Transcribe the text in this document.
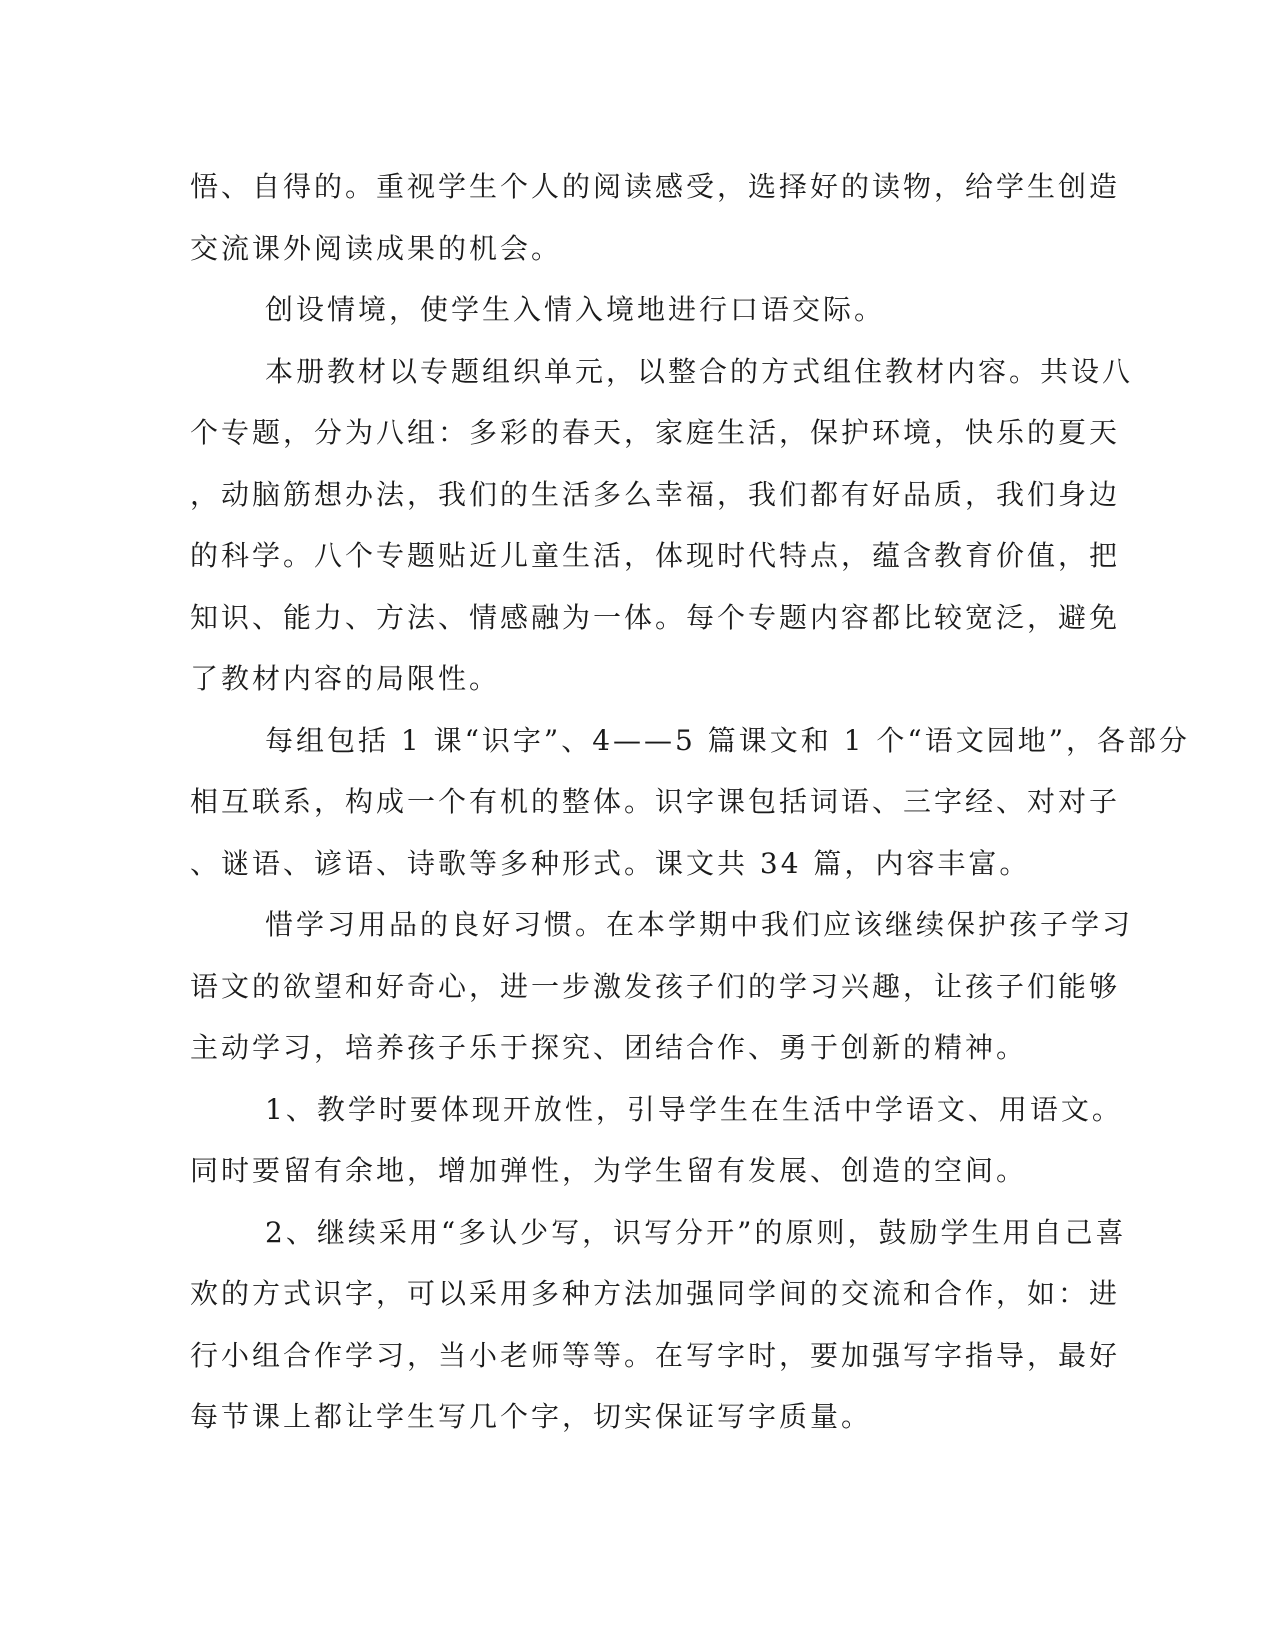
悟、自得的。重视学生个人的阅读感受，选择好的读物，给学生创造
交流课外阅读成果的机会。
创设情境，使学生入情入境地进行口语交际。
本册教材以专题组织单元，以整合的方式组住教材内容。共设八
个专题，分为八组：多彩的春天，家庭生活，保护环境，快乐的夏天
，动脑筋想办法，我们的生活多么幸福，我们都有好品质，我们身边
的科学。八个专题贴近儿童生活，体现时代特点，蕴含教育价值，把
知识、能力、方法、情感融为一体。每个专题内容都比较宽泛，避免
了教材内容的局限性。
每组包括 1 课“识字”、4——5 篇课文和 1 个“语文园地”，各部分
相互联系，构成一个有机的整体。识字课包括词语、三字经、对对子
、谜语、谚语、诗歌等多种形式。课文共 34 篇，内容丰富。
惜学习用品的良好习惯。在本学期中我们应该继续保护孩子学习
语文的欲望和好奇心，进一步激发孩子们的学习兴趣，让孩子们能够
主动学习，培养孩子乐于探究、团结合作、勇于创新的精神。
1、教学时要体现开放性，引导学生在生活中学语文、用语文。
同时要留有余地，增加弹性，为学生留有发展、创造的空间。
2、继续采用“多认少写，识写分开”的原则，鼓励学生用自己喜
欢的方式识字，可以采用多种方法加强同学间的交流和合作，如：进
行小组合作学习，当小老师等等。在写字时，要加强写字指导，最好
每节课上都让学生写几个字，切实保证写字质量。
